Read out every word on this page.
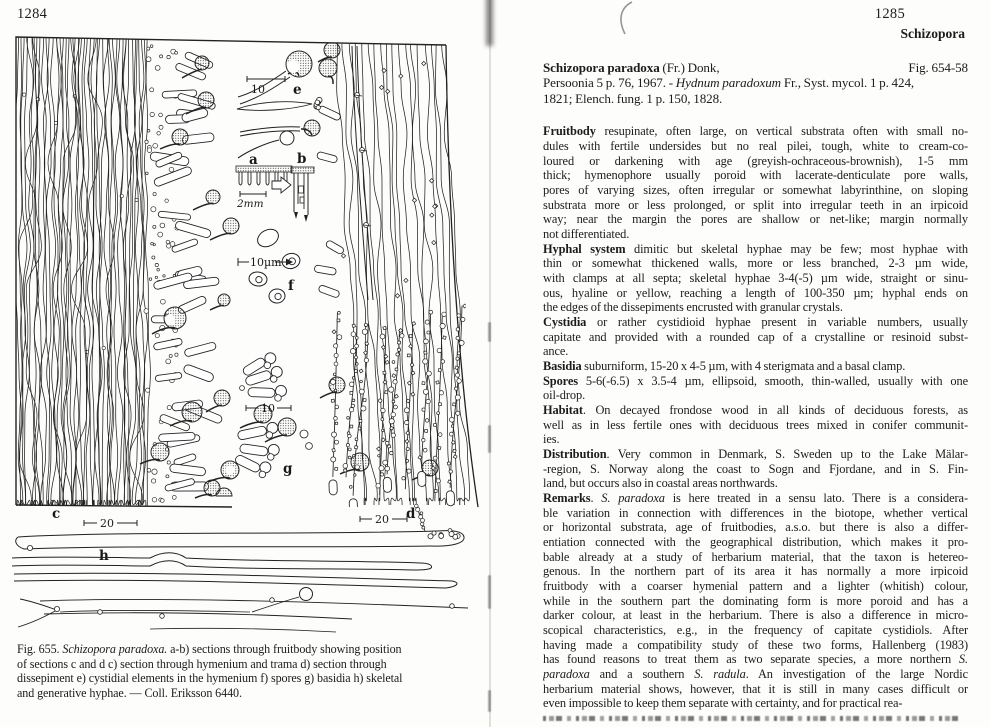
1284
10 e
2mm
a	b
10µm
f
10
g
c
20
d
20
h
Fig. 655. Schizopora paradoxa. a-b) sections through fruitbody showing position
of sections c and d c) section through hymenium and trama d) section through
dissepiment e) cystidial elements in the hymenium f) spores g) basidia h) skeletal
and generative hyphae. — Coll. Eriksson 6440.
1285
Schizopora
Fig. 654-58
Schizopora paradoxa (Fr.) Donk,
Persoonia 5 p. 76, 1967. - Hydnum paradoxum Fr., Syst. mycol. 1 p. 424,
1821; Elench. fung. 1 p. 150, 1828.
Fruitbody resupinate, often large, on vertical substrata often with small no-
dules with fertile undersides but no real pilei, tough, white to cream-co-
loured or darkening with age (greyish-ochraceous-brownish), 1-5 mm
thick; hymenophore usually poroid with lacerate-denticulate pore walls,
pores of varying sizes, often irregular or somewhat labyrinthine, on sloping
substrata more or less prolonged, or split into irregular teeth in an irpicoid
way; near the margin the pores are shallow or net-like; margin normally
not differentiated.
Hyphal system dimitic but skeletal hyphae may be few; most hyphae with
thin or somewhat thickened walls, more or less branched, 2-3 µm wide,
with clamps at all septa; skeletal hyphae 3-4(-5) µm wide, straight or sinu-
ous, hyaline or yellow, reaching a length of 100-350 µm; hyphal ends on
the edges of the dissepiments encrusted with granular crystals.
Cystidia or rather cystidioid hyphae present in variable numbers, usually
capitate and provided with a rounded cap of a crystalline or resinoid subst-
ance.
Basidia suburniform, 15-20 x 4-5 µm, with 4 sterigmata and a basal clamp.
Spores 5-6(-6.5) x 3.5-4 µm, ellipsoid, smooth, thin-walled, usually with one
oil-drop.
Habitat. On decayed frondose wood in all kinds of deciduous forests, as
well as in less fertile ones with deciduous trees mixed in conifer communit-
ies.
Distribution. Very common in Denmark, S. Sweden up to the Lake Mälar-
-region, S. Norway along the coast to Sogn and Fjordane, and in S. Fin-
land, but occurs also in coastal areas northwards.
Remarks. S. paradoxa is here treated in a sensu lato. There is a considera-
ble variation in connection with differences in the biotope, whether vertical
or horizontal substrata, age of fruitbodies, a.s.o. but there is also a differ-
entiation connected with the geographical distribution, which makes it pro-
bable already at a study of herbarium material, that the taxon is hetereo-
genous. In the northern part of its area it has normally a more irpicoid
fruitbody with a coarser hymenial pattern and a lighter (whitish) colour,
while in the southern part the dominating form is more poroid and has a
darker colour, at least in the herbarium. There is also a difference in micro-
scopical characteristics, e.g., in the frequency of capitate cystidiols. After
having made a compatibility study of these two forms, Hallenberg (1983)
has found reasons to treat them as two separate species, a more northern S.
paradoxa and a southern S. radula. An investigation of the large Nordic
herbarium material shows, however, that it is still in many cases difficult or
even impossible to keep them separate with certainty, and for practical rea-
